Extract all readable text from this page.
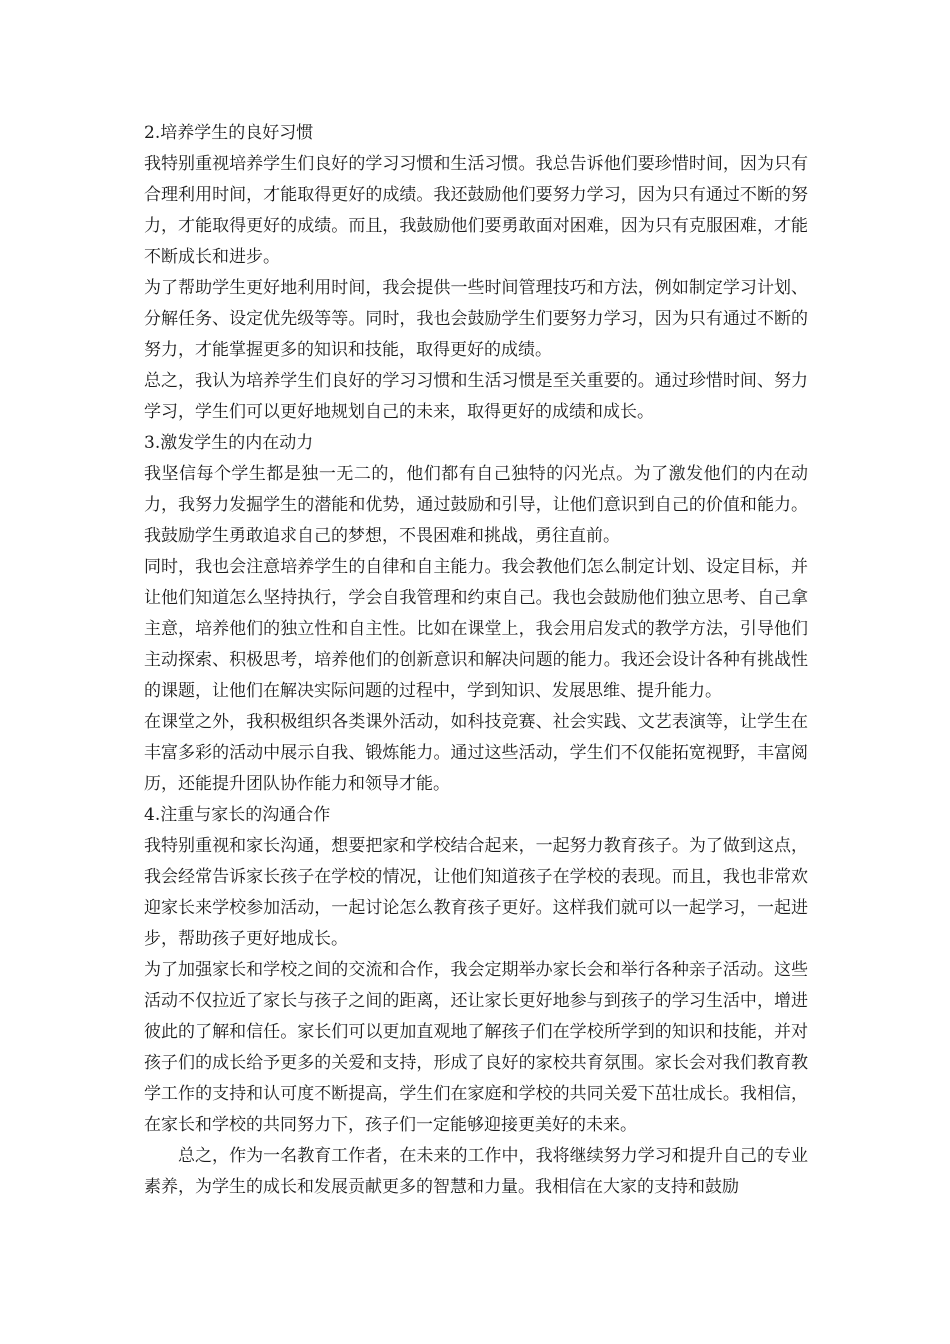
2.培养学生的良好习惯

我特别重视培养学生们良好的学习习惯和生活习惯。我总告诉他们要珍惜时间，因为只有合理利用时间，才能取得更好的成绩。我还鼓励他们要努力学习，因为只有通过不断的努力，才能取得更好的成绩。而且，我鼓励他们要勇敢面对困难，因为只有克服困难，才能不断成长和进步。

为了帮助学生更好地利用时间，我会提供一些时间管理技巧和方法，例如制定学习计划、分解任务、设定优先级等等。同时，我也会鼓励学生们要努力学习，因为只有通过不断的努力，才能掌握更多的知识和技能，取得更好的成绩。

总之，我认为培养学生们良好的学习习惯和生活习惯是至关重要的。通过珍惜时间、努力学习，学生们可以更好地规划自己的未来，取得更好的成绩和成长。

3.激发学生的内在动力

我坚信每个学生都是独一无二的，他们都有自己独特的闪光点。为了激发他们的内在动力，我努力发掘学生的潜能和优势，通过鼓励和引导，让他们意识到自己的价值和能力。我鼓励学生勇敢追求自己的梦想，不畏困难和挑战，勇往直前。

同时，我也会注意培养学生的自律和自主能力。我会教他们怎么制定计划、设定目标，并让他们知道怎么坚持执行，学会自我管理和约束自己。我也会鼓励他们独立思考、自己拿主意，培养他们的独立性和自主性。比如在课堂上，我会用启发式的教学方法，引导他们主动探索、积极思考，培养他们的创新意识和解决问题的能力。我还会设计各种有挑战性的课题，让他们在解决实际问题的过程中，学到知识、发展思维、提升能力。

在课堂之外，我积极组织各类课外活动，如科技竞赛、社会实践、文艺表演等，让学生在丰富多彩的活动中展示自我、锻炼能力。通过这些活动，学生们不仅能拓宽视野，丰富阅历，还能提升团队协作能力和领导才能。

4.注重与家长的沟通合作

我特别重视和家长沟通，想要把家和学校结合起来，一起努力教育孩子。为了做到这点，我会经常告诉家长孩子在学校的情况，让他们知道孩子在学校的表现。而且，我也非常欢迎家长来学校参加活动，一起讨论怎么教育孩子更好。这样我们就可以一起学习，一起进步，帮助孩子更好地成长。

为了加强家长和学校之间的交流和合作，我会定期举办家长会和举行各种亲子活动。这些活动不仅拉近了家长与孩子之间的距离，还让家长更好地参与到孩子的学习生活中，增进彼此的了解和信任。家长们可以更加直观地了解孩子们在学校所学到的知识和技能，并对孩子们的成长给予更多的关爱和支持，形成了良好的家校共育氛围。家长会对我们教育教学工作的支持和认可度不断提高，学生们在家庭和学校的共同关爱下茁壮成长。我相信，在家长和学校的共同努力下，孩子们一定能够迎接更美好的未来。

总之，作为一名教育工作者，在未来的工作中，我将继续努力学习和提升自己的专业素养，为学生的成长和发展贡献更多的智慧和力量。我相信在大家的支持和鼓励
